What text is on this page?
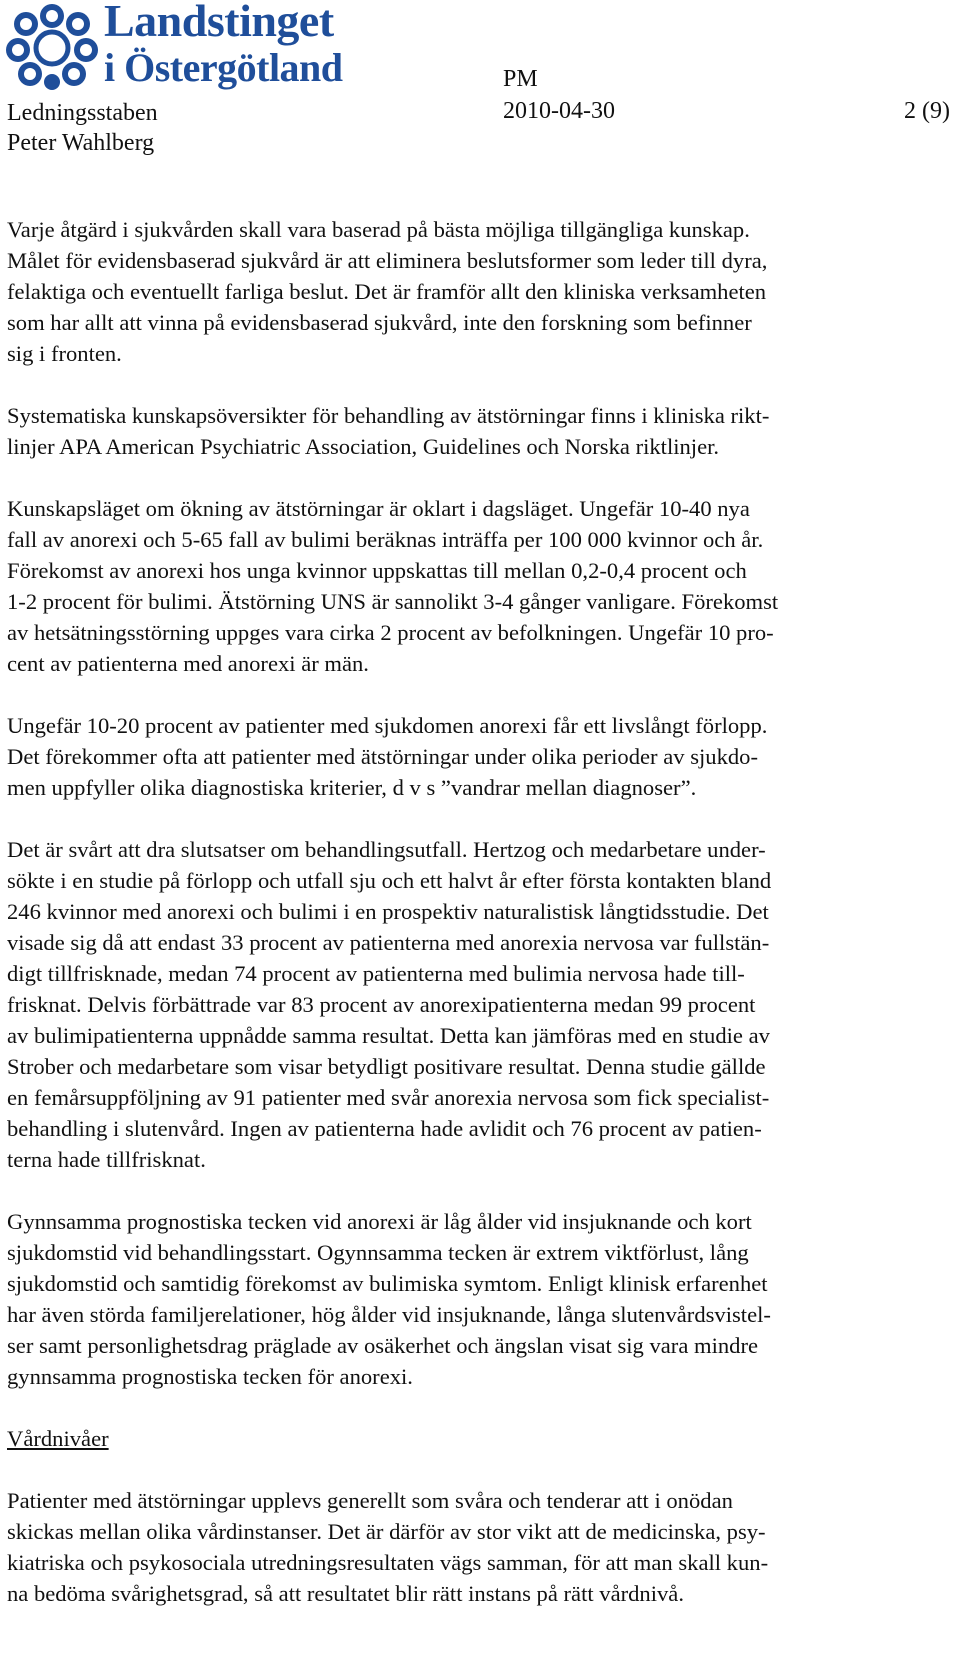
Landstinget
i Östergötland	PM
Ledningsstaben
Peter Wahlberg
2010-04-30	2 (9)
Varje åtgärd i sjukvården skall vara baserad på bästa möjliga tillgängliga kunskap.
Målet för evidensbaserad sjukvård är att eliminera beslutsformer som leder till dyra,
felaktiga och eventuellt farliga beslut. Det är framför allt den kliniska verksamheten
som har allt att vinna på evidensbaserad sjukvård, inte den forskning som befinner
sig i fronten.
Systematiska kunskapsöversikter för behandling av ätstörningar finns i kliniska rikt-
linjer APA American Psychiatric Association, Guidelines och Norska riktlinjer.
Kunskapsläget om ökning av ätstörningar är oklart i dagsläget. Ungefär 10-40 nya
fall av anorexi och 5-65 fall av bulimi beräknas inträffa per 100 000 kvinnor och år.
Förekomst av anorexi hos unga kvinnor uppskattas till mellan 0,2-0,4 procent och
1-2 procent för bulimi. Ätstörning UNS är sannolikt 3-4 gånger vanligare. Förekomst
av hetsätningsstörning uppges vara cirka 2 procent av befolkningen. Ungefär 10 pro-
cent av patienterna med anorexi är män.
Ungefär 10-20 procent av patienter med sjukdomen anorexi får ett livslångt förlopp.
Det förekommer ofta att patienter med ätstörningar under olika perioder av sjukdo-
men uppfyller olika diagnostiska kriterier, d v s ”vandrar mellan diagnoser”.
Det är svårt att dra slutsatser om behandlingsutfall. Hertzog och medarbetare under-
sökte i en studie på förlopp och utfall sju och ett halvt år efter första kontakten bland
246 kvinnor med anorexi och bulimi i en prospektiv naturalistisk långtidsstudie. Det
visade sig då att endast 33 procent av patienterna med anorexia nervosa var fullstän-
digt tillfrisknade, medan 74 procent av patienterna med bulimia nervosa hade till-
frisknat. Delvis förbättrade var 83 procent av anorexipatienterna medan 99 procent
av bulimipatienterna uppnådde samma resultat. Detta kan jämföras med en studie av
Strober och medarbetare som visar betydligt positivare resultat. Denna studie gällde
en femårsuppföljning av 91 patienter med svår anorexia nervosa som fick specialist-
behandling i slutenvård. Ingen av patienterna hade avlidit och 76 procent av patien-
terna hade tillfrisknat.
Gynnsamma prognostiska tecken vid anorexi är låg ålder vid insjuknande och kort
sjukdomstid vid behandlingsstart. Ogynnsamma tecken är extrem viktförlust, lång
sjukdomstid och samtidig förekomst av bulimiska symtom. Enligt klinisk erfarenhet
har även störda familjerelationer, hög ålder vid insjuknande, långa slutenvårdsvistel-
ser samt personlighetsdrag präglade av osäkerhet och ängslan visat sig vara mindre
gynnsamma prognostiska tecken för anorexi.
Vårdnivåer
Patienter med ätstörningar upplevs generellt som svåra och tenderar att i onödan
skickas mellan olika vårdinstanser. Det är därför av stor vikt att de medicinska, psy-
kiatriska och psykosociala utredningsresultaten vägs samman, för att man skall kun-
na bedöma svårighetsgrad, så att resultatet blir rätt instans på rätt vårdnivå.
